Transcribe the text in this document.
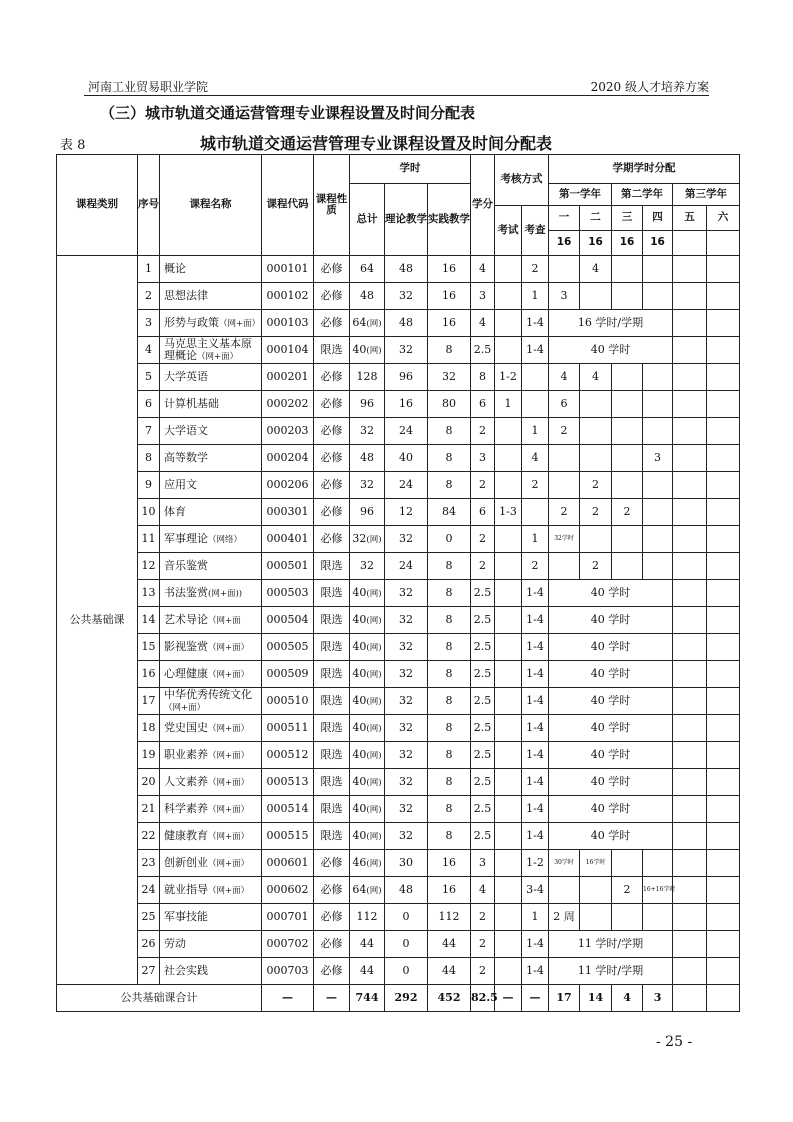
河南工业贸易职业学院	2020 级人才培养方案
（三）城市轨道交通运营管理专业课程设置及时间分配表
表 8	城市轨道交通运营管理专业课程设置及时间分配表
课程类别	序号	课程名称	课程代码	课程性质	学时			学分	考核方式		学期学时分配					
					总计	理论教学	实践教学				第一学年		第二学年		第三学年	
									考试	考查	一	二	三	四	五	六
											16	16	16	16		
公共基础课	1	概论	000101	必修	64	48	16	4		2		4				
	2	思想法律	000102	必修	48	32	16	3		1	3					
	3	形势与政策（网+面）	000103	必修	64(网)	48	16	4		1-4	16 学时/学期					
	4	马克思主义基本原理概论（网+面）	000104	限选	40(网)	32	8	2.5		1-4	40 学时					
	5	大学英语	000201	必修	128	96	32	8	1-2		4	4				
	6	计算机基础	000202	必修	96	16	80	6	1		6					
	7	大学语文	000203	必修	32	24	8	2		1	2					
	8	高等数学	000204	必修	48	40	8	3		4				3		
	9	应用文	000206	必修	32	24	8	2		2		2				
	10	体育	000301	必修	96	12	84	6	1-3		2	2	2			
	11	军事理论（网络）	000401	必修	32(网)	32	0	2		1	32学时					
	12	音乐鉴赏	000501	限选	32	24	8	2		2		2				
	13	书法鉴赏(网+面))	000503	限选	40(网)	32	8	2.5		1-4	40 学时					
	14	艺术导论（网+面	000504	限选	40(网)	32	8	2.5		1-4	40 学时					
	15	影视鉴赏（网+面）	000505	限选	40(网)	32	8	2.5		1-4	40 学时					
	16	心理健康（网+面）	000509	限选	40(网)	32	8	2.5		1-4	40 学时					
	17	中华优秀传统文化（网+面）	000510	限选	40(网)	32	8	2.5		1-4	40 学时					
	18	党史国史（网+面）	000511	限选	40(网)	32	8	2.5		1-4	40 学时					
	19	职业素养（网+面）	000512	限选	40(网)	32	8	2.5		1-4	40 学时					
	20	人文素养（网+面）	000513	限选	40(网)	32	8	2.5		1-4	40 学时					
	21	科学素养（网+面）	000514	限选	40(网)	32	8	2.5		1-4	40 学时					
	22	健康教育（网+面）	000515	限选	40(网)	32	8	2.5		1-4	40 学时					
	23	创新创业（网+面）	000601	必修	46(网)	30	16	3		1-2	30学时	16学时				
	24	就业指导（网+面）	000602	必修	64(网)	48	16	4		3-4			2	16+16学时		
	25	军事技能	000701	必修	112	0	112	2		1	2 周					
	26	劳动	000702	必修	44	0	44	2		1-4	11 学时/学期					
	27	社会实践	000703	必修	44	0	44	2		1-4	11 学时/学期					
公共基础课合计			—	—	744	292	452	82.5	—	—	17	14	4	3		
- 25 -
